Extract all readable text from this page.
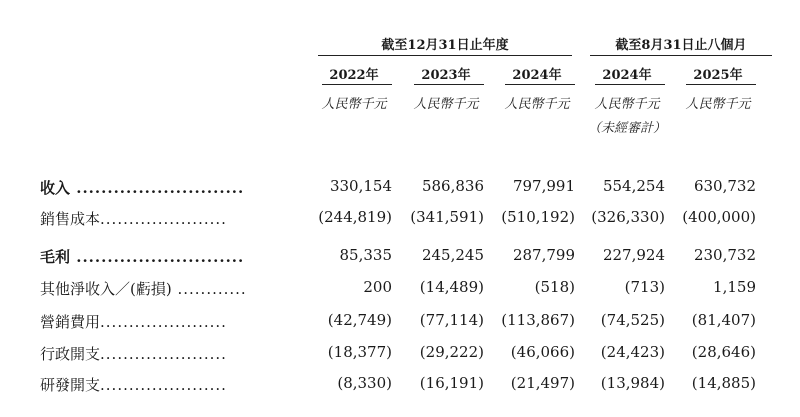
截至12月31日止年度	截至8月31日止八個月
2022年	2023年	2024年	2024年	2025年
人民幣千元	人民幣千元	人民幣千元	人民幣千元	人民幣千元
（未經審計）
收入 ...........................	330,154	586,836	797,991	554,254	630,732
銷售成本......................	(244,819)	(341,591)	(510,192)	(326,330)	(400,000)
毛利 ...........................	85,335	245,245	287,799	227,924	230,732
其他淨收入／(虧損) ............	200	(14,489)	(518)	(713)	1,159
營銷費用......................	(42,749)	(77,114)	(113,867)	(74,525)	(81,407)
行政開支......................	(18,377)	(29,222)	(46,066)	(24,423)	(28,646)
研發開支......................	(8,330)	(16,191)	(21,497)	(13,984)	(14,885)
